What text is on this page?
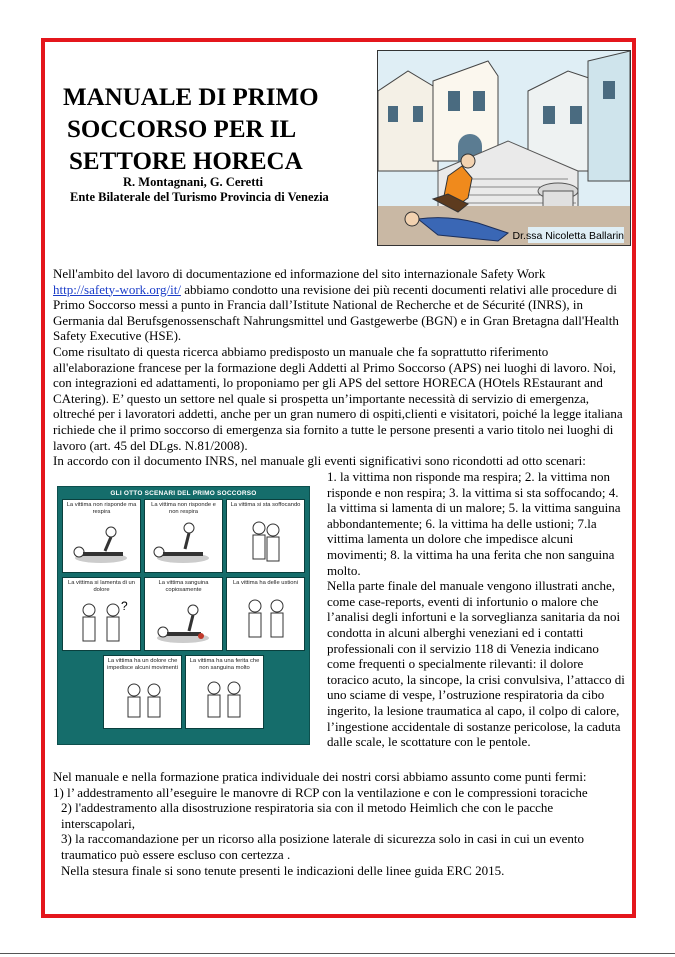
MANUALE DI PRIMO
SOCCORSO PER IL
SETTORE HORECA
R. Montagnani, G. Ceretti
Ente Bilaterale del Turismo Provincia di Venezia
Dr.ssa Nicoletta Ballarin

Nell'ambito del lavoro di documentazione ed informazione del sito internazionale Safety Work
http://safety-work.org/it/ abbiamo condotto una revisione dei più recenti documenti relativi alle procedure di Primo Soccorso messi a punto in Francia dall’Istitute National de Recherche et de Sécurité (INRS), in Germania dal Berufsgenossenschaft Nahrungsmittel und Gastgewerbe (BGN) e in Gran Bretagna dall'Health Safety Executive (HSE).

Come risultato di questa ricerca abbiamo predisposto un manuale che fa soprattutto riferimento all'elaborazione francese per la formazione degli Addetti al Primo Soccorso (APS) nei luoghi di lavoro. Noi, con integrazioni ed adattamenti, lo proponiamo per gli APS del settore HORECA (HOtels REstaurant and CAtering). E’ questo un settore nel quale si prospetta un’importante necessità di servizio di emergenza, oltreché per i lavoratori addetti, anche per un gran numero di ospiti,clienti e visitatori, poiché la legge italiana richiede che il primo soccorso di emergenza sia fornito a tutte le persone presenti a vario titolo nei luoghi di lavoro (art. 45 del DLgs. N.81/2008).

In accordo con il documento INRS, nel manuale gli eventi significativi sono ricondotti ad otto scenari:

GLI OTTO SCENARI DEL PRIMO SOCCORSO
La vittima non risponde ma respira
La vittima non risponde e non respira
La vittima si sta soffocando
La vittima si lamenta di un dolore
?
La vittima sanguina copiosamente
La vittima ha delle ustioni
La vittima ha un dolore che impedisce alcuni movimenti
La vittima ha una ferita che non sanguina molto

1. la vittima non risponde ma respira; 2. la vittima non risponde e non respira; 3. la vittima si sta soffocando; 4. la vittima si lamenta di un malore; 5. la vittima sanguina abbondantemente; 6. la vittima ha delle ustioni; 7.la vittima lamenta un dolore che impedisce alcuni movimenti; 8. la vittima ha una ferita che non sanguina molto.

Nella parte finale del manuale vengono illustrati anche, come case-reports, eventi di infortunio o malore che l’analisi degli infortuni e la sorveglianza sanitaria da noi condotta in alcuni alberghi veneziani ed i contatti professionali con il servizio 118 di Venezia indicano come frequenti o specialmente rilevanti: il dolore toracico acuto, la sincope, la crisi convulsiva, l’attacco di uno sciame di vespe, l’ostruzione respiratoria da cibo ingerito, la lesione traumatica al capo, il colpo di calore, l’ingestione accidentale di sostanze pericolose, la caduta dalle scale, le scottature con le pentole.

Nel manuale e nella formazione pratica individuale dei nostri corsi abbiamo assunto come punti fermi:

1) l’ addestramento all’eseguire le manovre di RCP con la ventilazione e con le compressioni toraciche

2) l'addestramento alla disostruzione respiratoria sia con il metodo Heimlich che con le pacche interscapolari,

3) la raccomandazione per un ricorso alla posizione laterale di sicurezza solo in casi in cui un evento traumatico può essere escluso con certezza .

Nella stesura finale si sono tenute presenti le indicazioni delle linee guida ERC 2015.
